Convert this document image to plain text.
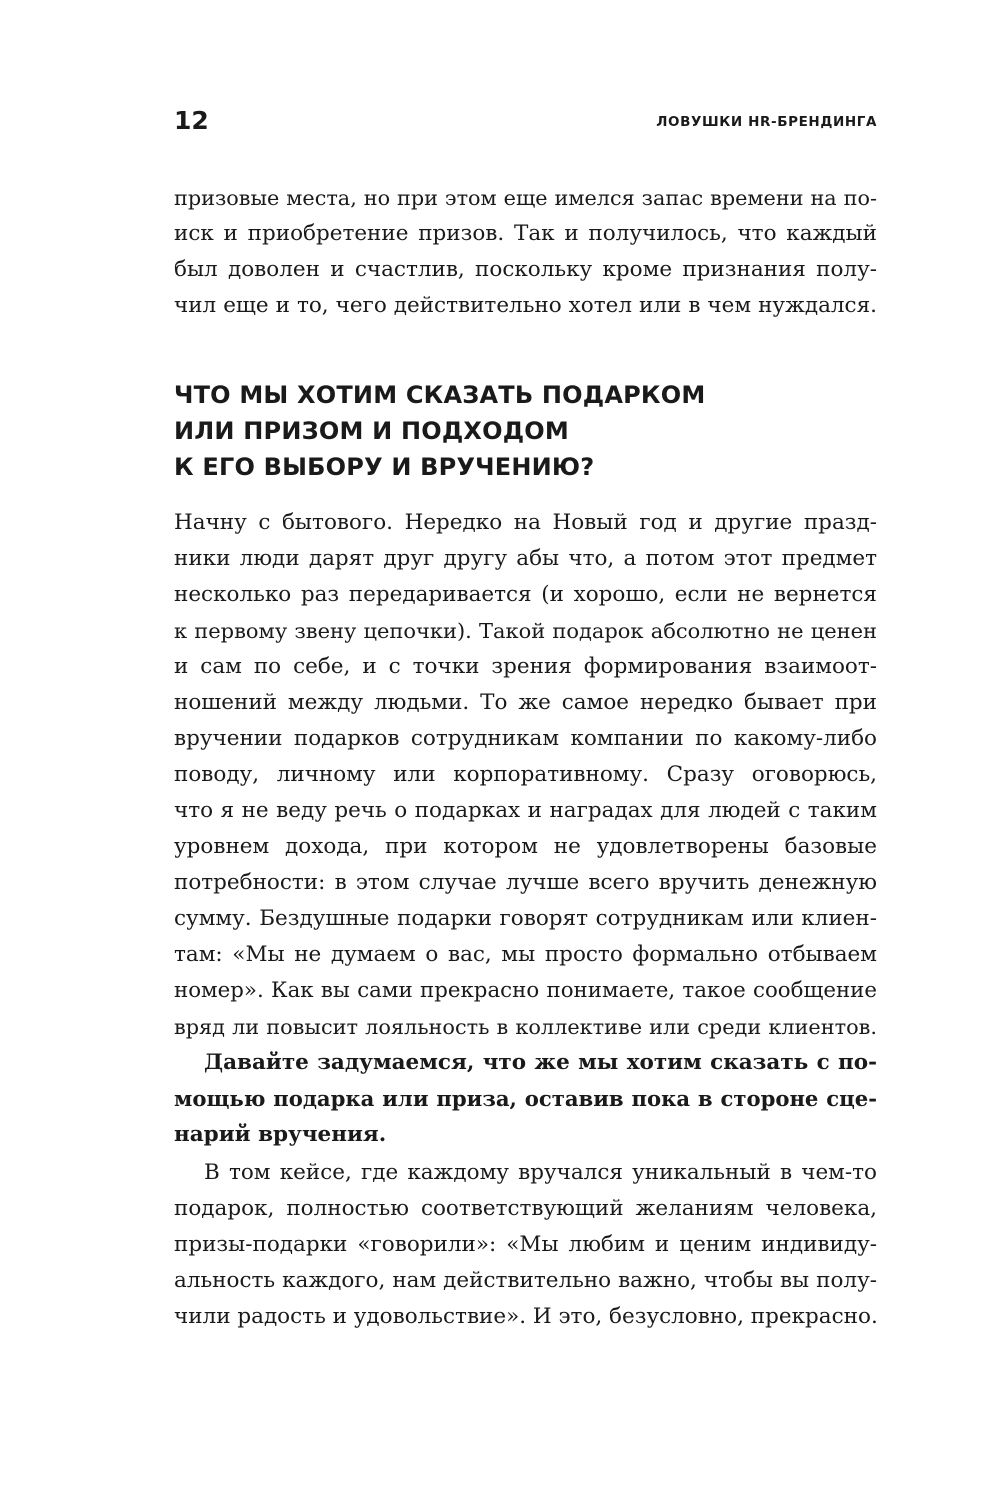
12	ЛОВУШКИ HR-БРЕНДИНГА
призовые места, но при этом еще имелся запас времени на по-
иск и приобретение призов. Так и получилось, что каждый
был доволен и счастлив, поскольку кроме признания полу-
чил еще и то, чего действительно хотел или в чем нуждался.
ЧТО МЫ ХОТИМ СКАЗАТЬ ПОДАРКОМ
ИЛИ ПРИЗОМ И ПОДХОДОМ
К ЕГО ВЫБОРУ И ВРУЧЕНИЮ?
Начну с бытового. Нередко на Новый год и другие празд-
ники люди дарят друг другу абы что, а потом этот предмет
несколько раз передаривается (и хорошо, если не вернется
к первому звену цепочки). Такой подарок абсолютно не ценен
и сам по себе, и с точки зрения формирования взаимоот-
ношений между людьми. То же самое нередко бывает при
вручении подарков сотрудникам компании по какому-либо
поводу, личному или корпоративному. Сразу оговорюсь,
что я не веду речь о подарках и наградах для людей с таким
уровнем дохода, при котором не удовлетворены базовые
потребности: в этом случае лучше всего вручить денежную
сумму. Бездушные подарки говорят сотрудникам или клиен-
там: «Мы не думаем о вас, мы просто формально отбываем
номер». Как вы сами прекрасно понимаете, такое сообщение
вряд ли повысит лояльность в коллективе или среди клиентов.
Давайте задумаемся, что же мы хотим сказать с по-
мощью подарка или приза, оставив пока в стороне сце-
нарий вручения.
В том кейсе, где каждому вручался уникальный в чем-то
подарок, полностью соответствующий желаниям человека,
призы-подарки «говорили»: «Мы любим и ценим индивиду-
альность каждого, нам действительно важно, чтобы вы полу-
чили радость и удовольствие». И это, безусловно, прекрасно.
